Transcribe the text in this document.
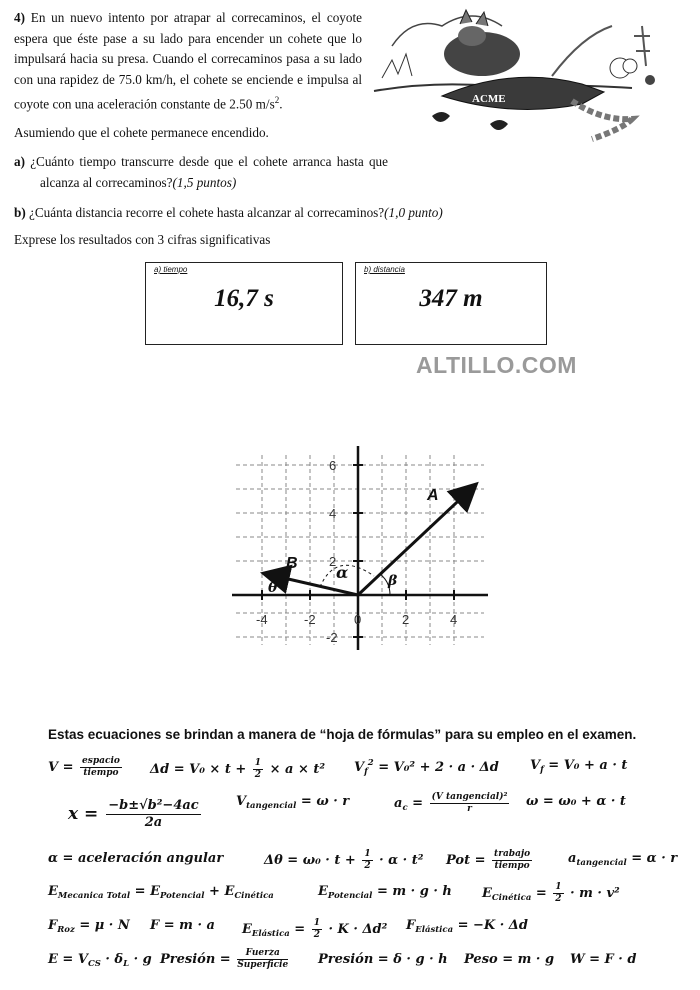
4) En un nuevo intento por atrapar al correcaminos, el coyote espera que éste pase a su lado para encender un cohete que lo impulsará hacia su presa. Cuando el correcaminos pasa a su lado con una rapidez de 75.0 km/h, el cohete se enciende e impulsa al coyote con una aceleración constante de 2.50 $m/s^2$.

Asumiendo que el cohete permanece encendido.

a) ¿Cuánto tiempo transcurre desde que el cohete arranca hasta que alcanza al correcaminos?(1,5 puntos)

b) ¿Cuánta distancia recorre el cohete hasta alcanzar al correcaminos?(1,0 punto)

Exprese los resultados con 3 cifras significativas

ACME
a) tiempo
16,7 s
b) distancia
347 m
ALTILLO.COM
-4	-2	0	2	4
6
4
2
-2
A
B α	β
θ
Estas ecuaciones se brindan a manera de “hoja de fórmulas” para su empleo en el examen.
$V = \frac{\text{espacio}}{\text{tiempo}}$ $\Delta d = V_0 \times t + \frac{1}{2} \times a \times t^2$ $V_f^2 = V_0^2 + 2 \cdot a \cdot \Delta d$ $V_f = V_0 + a \cdot t$
$x = \frac{\text{−b±√b²−4ac}}{2a}$	$V_{tangencial} = \omega \cdot r$	$a_c = \frac{\text{(V tangencial)²}}{r}$ ω = ω₀ + α · t
α = aceleración angular	$\Delta\theta = \omega_0 \cdot t + \frac{1}{2} \cdot \alpha \cdot t^2$ Pot = $\frac{\text{trabajo}}{\text{tiempo}}$	$a_{tangencial} = \alpha \cdot r$
$E_{Mecanica Total} = E_{Potencial} + E_{Cinética}$	$E_{Potencial} = m \cdot g \cdot h$ $E_{Cinética} = \frac{1}{2} \cdot m \cdot v^2$
$F_{Roz} = \mu \cdot N$ F = m · a $E_{Elástica} = \frac{1}{2} \cdot K \cdot \Delta d^2$ $F_{Elástica} = -K \cdot \Delta d$
$E = V_{CS} \cdot \delta_L \cdot g$ Presión = $\frac{\text{Fuerza}}{\text{Superficie}}$ Presión = δ · g · h Peso = m · g W = F · d
